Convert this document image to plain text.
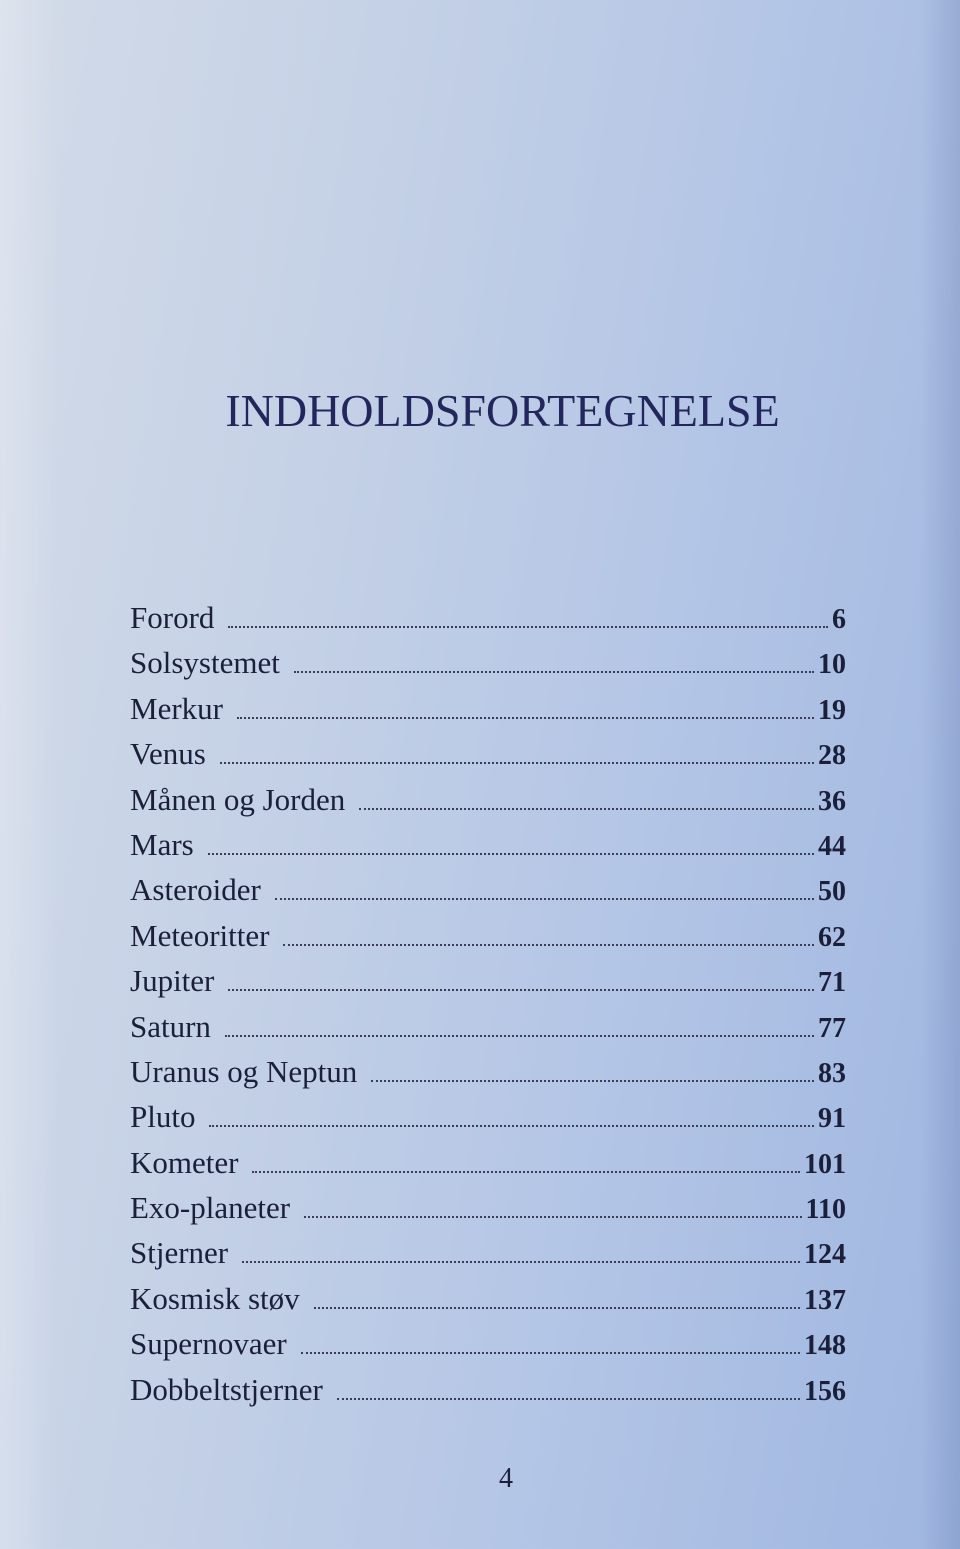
INDHOLDSFORTEGNELSE
Forord	6
Solsystemet	10
Merkur	19
Venus	28
Månen og Jorden	36
Mars	44
Asteroider	50
Meteoritter	62
Jupiter	71
Saturn	77
Uranus og Neptun	83
Pluto	91
Kometer	101
Exo-planeter	110
Stjerner	124
Kosmisk støv	137
Supernovaer	148
Dobbeltstjerner	156
4
